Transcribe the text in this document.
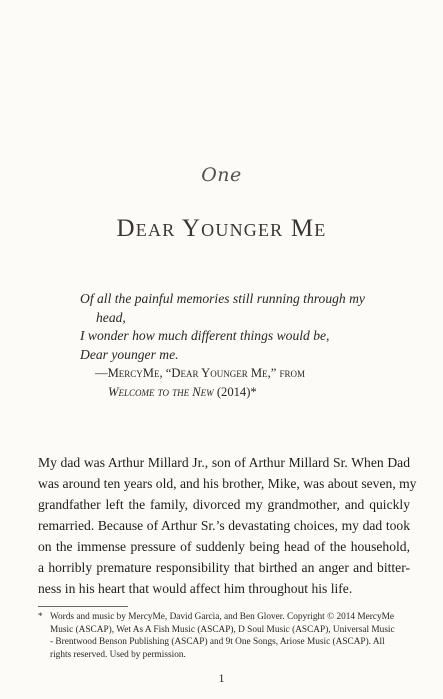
One
Dear Younger Me
Of all the painful memories still running through my
head,
I wonder how much different things would be,
Dear younger me.
—MercyMe, “Dear Younger Me,” from
Welcome to the New (2014)*
My dad was Arthur Millard Jr., son of Arthur Millard Sr. When Dad
was around ten years old, and his brother, Mike, was about seven, my
grandfather left the family, divorced my grandmother, and quickly
remarried. Because of Arthur Sr.’s devastating choices, my dad took
on the immense pressure of suddenly being head of the household,
a horribly premature responsibility that birthed an anger and bitter-
ness in his heart that would affect him throughout his life.
* Words and music by MercyMe, David Garcia, and Ben Glover. Copyright © 2014 MercyMe
Music (ASCAP), Wet As A Fish Music (ASCAP), D Soul Music (ASCAP), Universal Music
- Brentwood Benson Publishing (ASCAP) and 9t One Songs, Ariose Music (ASCAP). All
rights reserved. Used by permission.
1
